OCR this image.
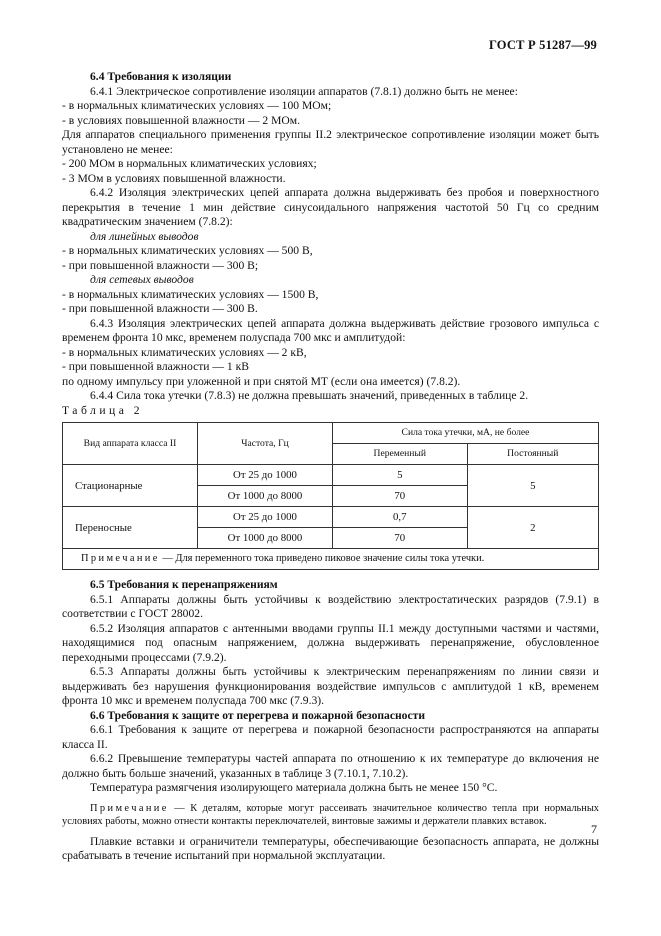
ГОСТ Р 51287—99

6.4 Требования к изоляции

6.4.1 Электрическое сопротивление изоляции аппаратов (7.8.1) должно быть не менее:

- в нормальных климатических условиях — 100 МОм;

- в условиях повышенной влажности — 2 МОм.

Для аппаратов специального применения группы II.2 электрическое сопротивление изоляции может быть установлено не менее:

- 200 МОм в нормальных климатических условиях;

- 3 МОм в условиях повышенной влажности.

6.4.2 Изоляция электрических цепей аппарата должна выдерживать без пробоя и поверхностного перекрытия в течение 1 мин действие синусоидального напряжения частотой 50 Гц со средним квадратическим значением (7.8.2):

для линейных выводов

- в нормальных климатических условиях — 500 В,

- при повышенной влажности — 300 В;

для сетевых выводов

- в нормальных климатических условиях — 1500 В,

- при повышенной влажности — 300 В.

6.4.3 Изоляция электрических цепей аппарата должна выдерживать действие грозового импульса с временем фронта 10 мкс, временем полуспада 700 мкс и амплитудой:

- в нормальных климатических условиях — 2 кВ,

- при повышенной влажности — 1 кВ

по одному импульсу при уложенной и при снятой МТ (если она имеется) (7.8.2).

6.4.4 Сила тока утечки (7.8.3) не должна превышать значений, приведенных в таблице 2.

Таблица 2

Вид аппарата класса II	Частота, Гц	Сила тока утечки, мА, не более	
		Переменный	Постоянный
Стационарные	От 25 до 1000	5	5
	От 1000 до 8000	70	
Переносные	От 25 до 1000	0,7	2
	От 1000 до 8000	70	
Примечание — Для переменного тока приведено пиковое значение силы тока утечки.			

6.5 Требования к перенапряжениям

6.5.1 Аппараты должны быть устойчивы к воздействию электростатических разрядов (7.9.1) в соответствии с ГОСТ 28002.

6.5.2 Изоляция аппаратов с антенными вводами группы II.1 между доступными частями и частями, находящимися под опасным напряжением, должна выдерживать перенапряжение, обусловленное переходными процессами (7.9.2).

6.5.3 Аппараты должны быть устойчивы к электрическим перенапряжениям по линии связи и выдерживать без нарушения функционирования воздействие импульсов с амплитудой 1 кВ, временем фронта 10 мкс и временем полуспада 700 мкс (7.9.3).

6.6 Требования к защите от перегрева и пожарной безопасности

6.6.1 Требования к защите от перегрева и пожарной безопасности распространяются на аппараты класса II.

6.6.2 Превышение температуры частей аппарата по отношению к их температуре до включения не должно быть больше значений, указанных в таблице 3 (7.10.1, 7.10.2).

Температура размягчения изолирующего материала должна быть не менее 150 °С.

Примечание — К деталям, которые могут рассеивать значительное количество тепла при нормальных условиях работы, можно отнести контакты переключателей, винтовые зажимы и держатели плавких вставок.

Плавкие вставки и ограничители температуры, обеспечивающие безопасность аппарата, не должны срабатывать в течение испытаний при нормальной эксплуатации.

7
